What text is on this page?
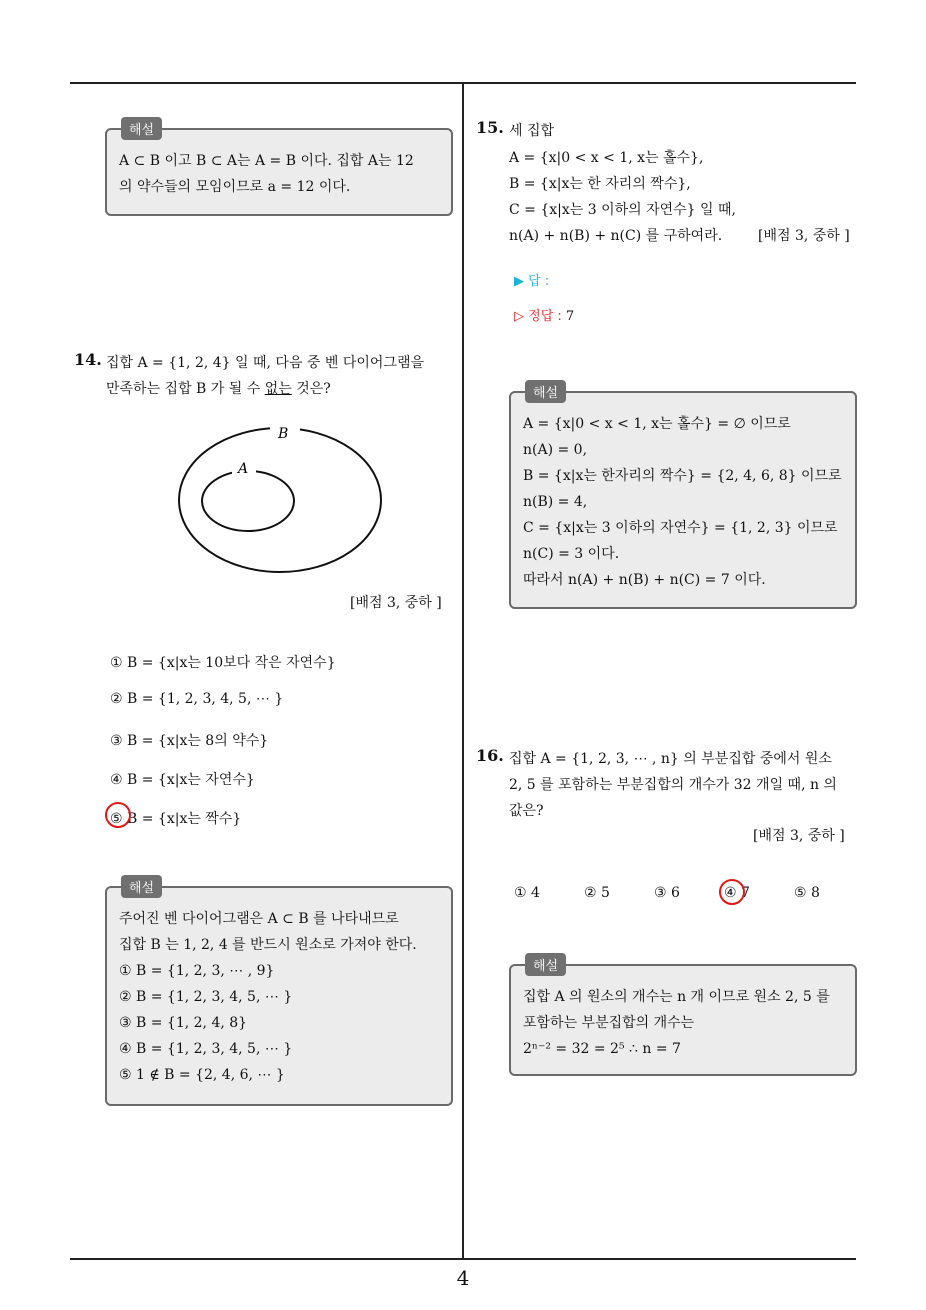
4
해설
A ⊂ B 이고 B ⊂ A는 A = B 이다. 집합 A는 12
의 약수들의 모임이므로 a = 12 이다.
14. 집합 A = {1, 2, 4} 일 때, 다음 중 벤 다이어그램을
만족하는 집합 B 가 될 수 없는 것은?
B
A
[배점 3, 중하 ]
① B = {x|x는 10보다 작은 자연수}
② B = {1, 2, 3, 4, 5, ⋯ }
③ B = {x|x는 8의 약수}
④ B = {x|x는 자연수}
⑤ B = {x|x는 짝수}
해설
주어진 벤 다이어그램은 A ⊂ B 를 나타내므로
집합 B 는 1, 2, 4 를 반드시 원소로 가져야 한다.
① B = {1, 2, 3, ⋯ , 9}
② B = {1, 2, 3, 4, 5, ⋯ }
③ B = {1, 2, 4, 8}
④ B = {1, 2, 3, 4, 5, ⋯ }
⑤ 1 ∉ B = {2, 4, 6, ⋯ }
15. 세 집합
A = {x|0 < x < 1, x는 홀수},
B = {x|x는 한 자리의 짝수},
C = {x|x는 3 이하의 자연수} 일 때,
n(A) + n(B) + n(C) 를 구하여라.	[배점 3, 중하 ]
▶ 답 :
▷ 정답 : 7
해설
A = {x|0 < x < 1, x는 홀수} = ∅ 이므로
n(A) = 0,
B = {x|x는 한자리의 짝수} = {2, 4, 6, 8} 이므로
n(B) = 4,
C = {x|x는 3 이하의 자연수} = {1, 2, 3} 이므로
n(C) = 3 이다.
따라서 n(A) + n(B) + n(C) = 7 이다.
16. 집합 A = {1, 2, 3, ⋯ , n} 의 부분집합 중에서 원소
2, 5 를 포함하는 부분집합의 개수가 32 개일 때, n 의
값은?
[배점 3, 중하 ]
① 4	② 5	③ 6	④ 7	⑤ 8
해설
집합 A 의 원소의 개수는 n 개 이므로 원소 2, 5 를
포함하는 부분집합의 개수는
2ⁿ⁻² = 32 = 2⁵ ∴ n = 7
